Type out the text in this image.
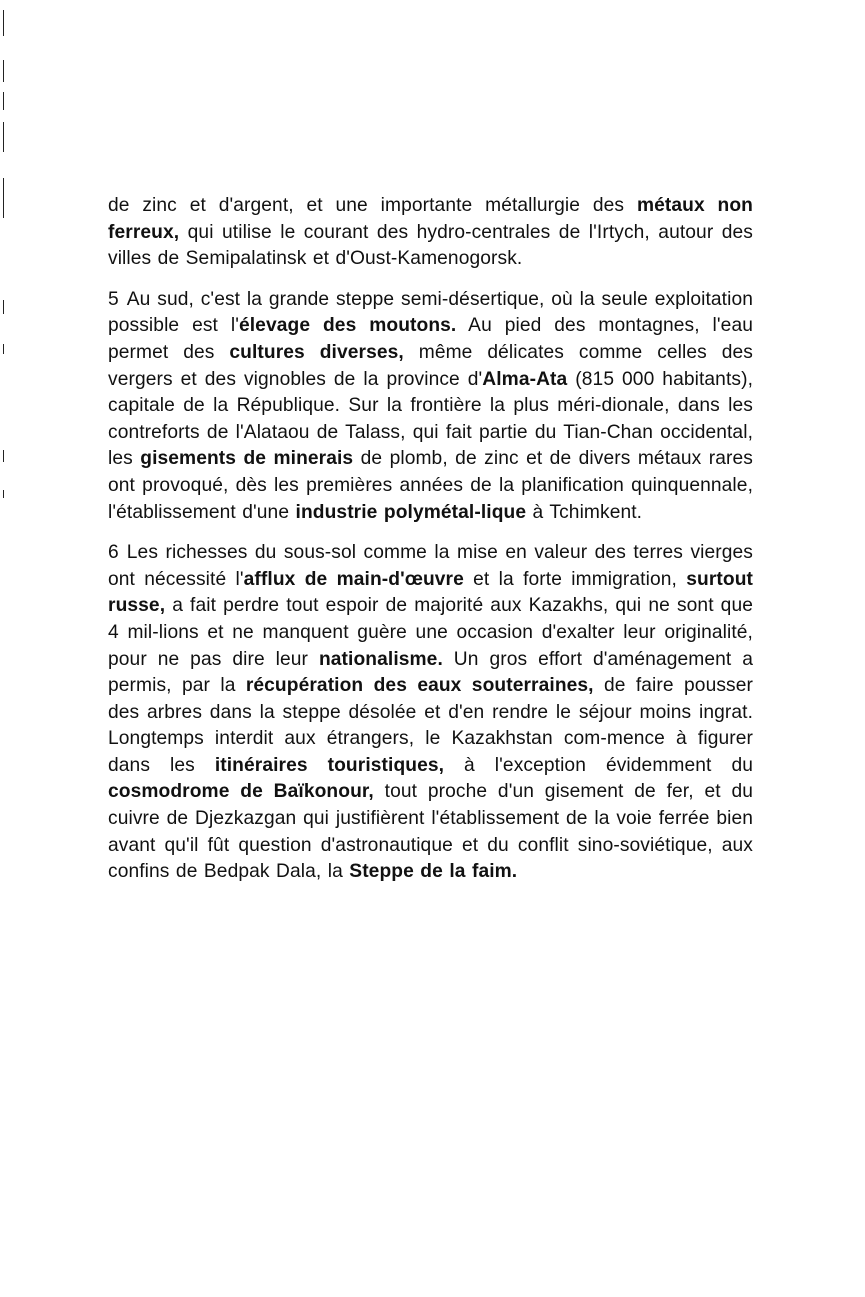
de zinc et d'argent, et une importante métallurgie des métaux non ferreux, qui utilise le courant des hydro-centrales de l'Irtych, autour des villes de Semipalatinsk et d'Oust-Kamenogorsk.

5 Au sud, c'est la grande steppe semi-désertique, où la seule exploitation possible est l'élevage des moutons. Au pied des montagnes, l'eau permet des cultures diverses, même délicates comme celles des vergers et des vignobles de la province d'Alma-Ata (815 000 habitants), capitale de la République. Sur la frontière la plus méri-dionale, dans les contreforts de l'Alataou de Talass, qui fait partie du Tian-Chan occidental, les gisements de minerais de plomb, de zinc et de divers métaux rares ont provoqué, dès les premières années de la planification quinquennale, l'établissement d'une industrie polymétal-lique à Tchimkent.

6 Les richesses du sous-sol comme la mise en valeur des terres vierges ont nécessité l'afflux de main-d'œuvre et la forte immigration, surtout russe, a fait perdre tout espoir de majorité aux Kazakhs, qui ne sont que 4 mil-lions et ne manquent guère une occasion d'exalter leur originalité, pour ne pas dire leur nationalisme. Un gros effort d'aménagement a permis, par la récupération des eaux souterraines, de faire pousser des arbres dans la steppe désolée et d'en rendre le séjour moins ingrat. Longtemps interdit aux étrangers, le Kazakhstan com-mence à figurer dans les itinéraires touristiques, à l'exception évidemment du cosmodrome de Baïkonour, tout proche d'un gisement de fer, et du cuivre de Djezkazgan qui justifièrent l'établissement de la voie ferrée bien avant qu'il fût question d'astronautique et du conflit sino-soviétique, aux confins de Bedpak Dala, la Steppe de la faim.
